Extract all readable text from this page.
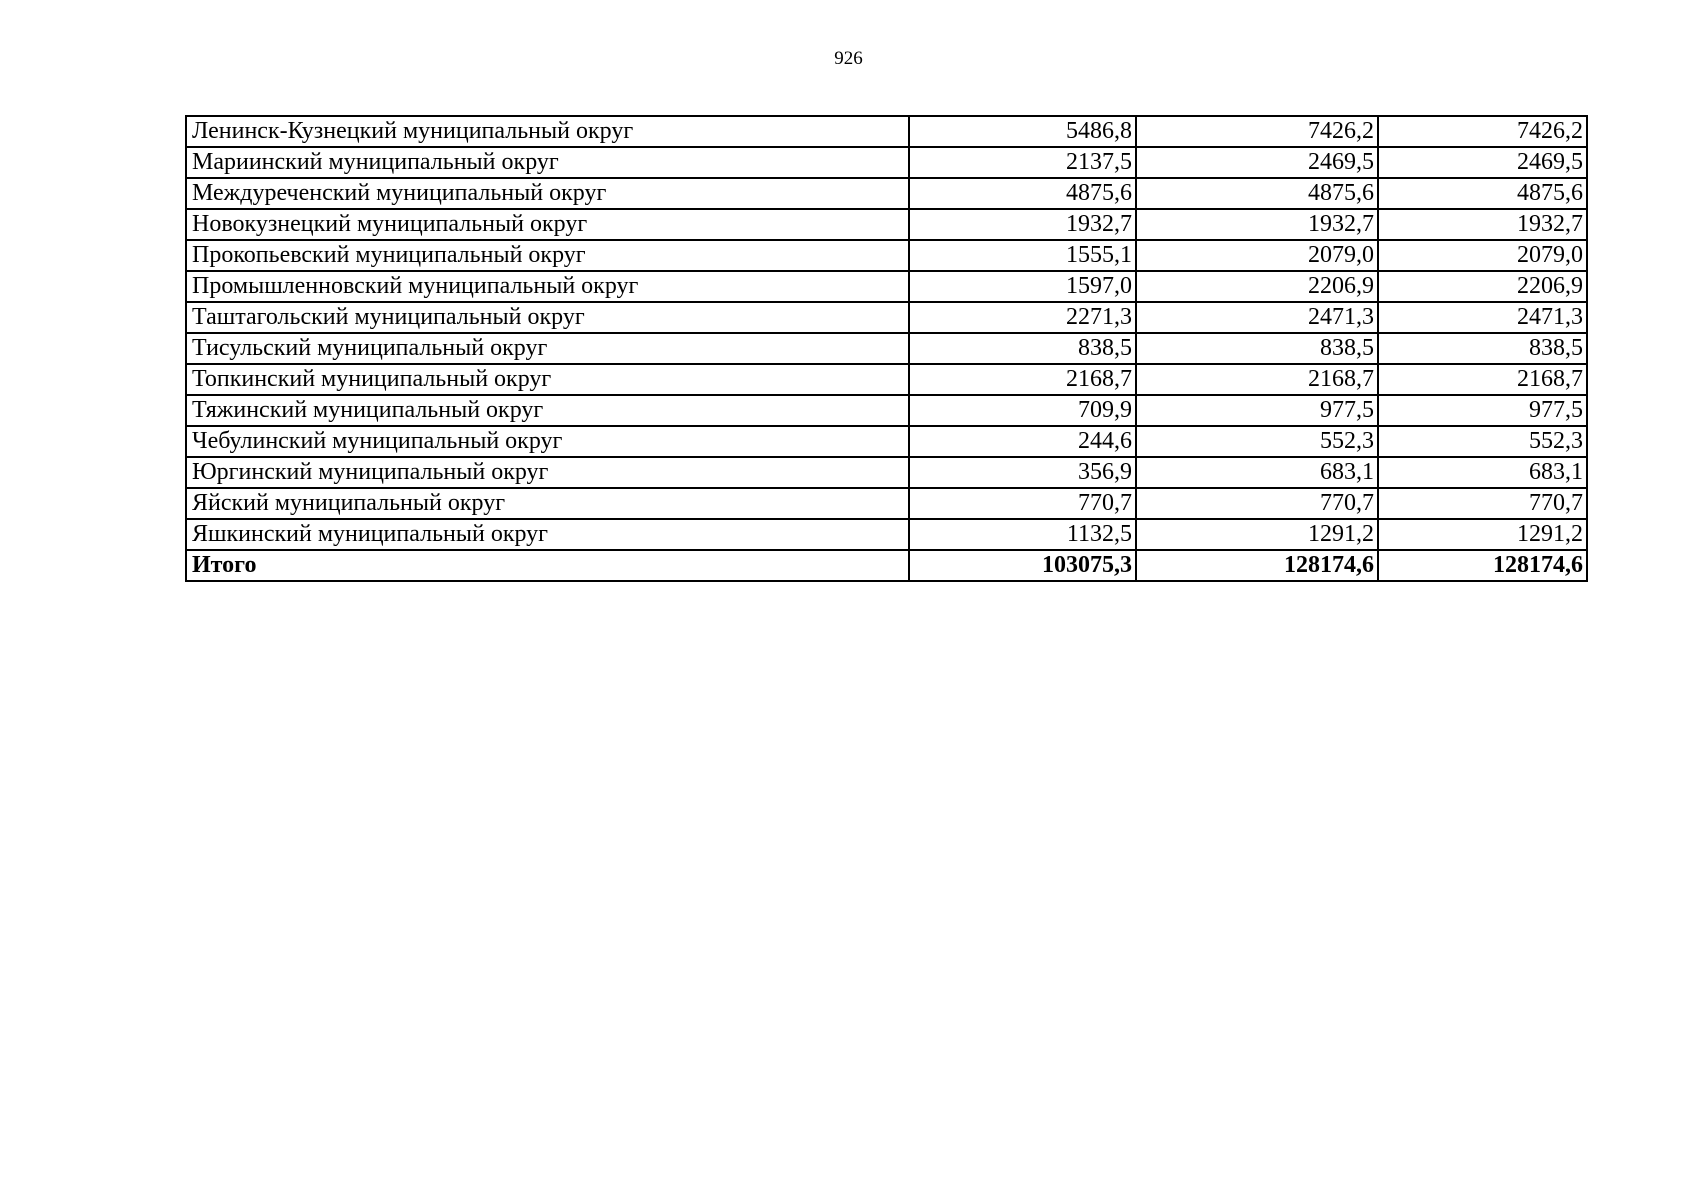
926
Ленинск-Кузнецкий муниципальный округ	5486,8	7426,2	7426,2
Мариинский муниципальный округ	2137,5	2469,5	2469,5
Междуреченский муниципальный округ	4875,6	4875,6	4875,6
Новокузнецкий муниципальный округ	1932,7	1932,7	1932,7
Прокопьевский муниципальный округ	1555,1	2079,0	2079,0
Промышленновский муниципальный округ	1597,0	2206,9	2206,9
Таштагольский муниципальный округ	2271,3	2471,3	2471,3
Тисульский муниципальный округ	838,5	838,5	838,5
Топкинский муниципальный округ	2168,7	2168,7	2168,7
Тяжинский муниципальный округ	709,9	977,5	977,5
Чебулинский муниципальный округ	244,6	552,3	552,3
Юргинский муниципальный округ	356,9	683,1	683,1
Яйский муниципальный округ	770,7	770,7	770,7
Яшкинский муниципальный округ	1132,5	1291,2	1291,2
Итого	103075,3	128174,6	128174,6
